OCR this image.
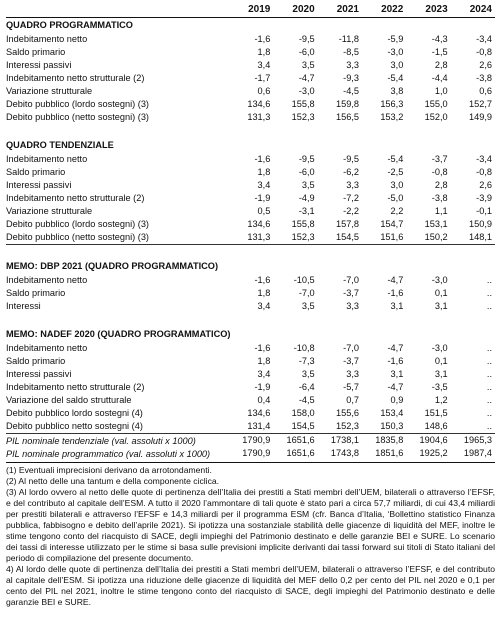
	2019	2020	2021	2022	2023	2024
QUADRO PROGRAMMATICO						
Indebitamento netto	-1,6	-9,5	-11,8	-5,9	-4,3	-3,4
Saldo primario	1,8	-6,0	-8,5	-3,0	-1,5	-0,8
Interessi passivi	3,4	3,5	3,3	3,0	2,8	2,6
Indebitamento netto strutturale (2)	-1,7	-4,7	-9,3	-5,4	-4,4	-3,8
Variazione strutturale	0,6	-3,0	-4,5	3,8	1,0	0,6
Debito pubblico (lordo sostegni) (3)	134,6	155,8	159,8	156,3	155,0	152,7
Debito pubblico (netto sostegni) (3)	131,3	152,3	156,5	153,2	152,0	149,9

QUADRO TENDENZIALE						
Indebitamento netto	-1,6	-9,5	-9,5	-5,4	-3,7	-3,4
Saldo primario	1,8	-6,0	-6,2	-2,5	-0,8	-0,8
Interessi passivi	3,4	3,5	3,3	3,0	2,8	2,6
Indebitamento netto strutturale (2)	-1,9	-4,9	-7,2	-5,0	-3,8	-3,9
Variazione strutturale	0,5	-3,1	-2,2	2,2	1,1	-0,1
Debito pubblico (lordo sostegni) (3)	134,6	155,8	157,8	154,7	153,1	150,9
Debito pubblico (netto sostegni) (3)	131,3	152,3	154,5	151,6	150,2	148,1

MEMO: DBP 2021 (QUADRO PROGRAMMATICO)						
Indebitamento netto	-1,6	-10,5	-7,0	-4,7	-3,0	..
Saldo primario	1,8	-7,0	-3,7	-1,6	0,1	..
Interessi	3,4	3,5	3,3	3,1	3,1	..

MEMO: NADEF 2020 (QUADRO PROGRAMMATICO)						
Indebitamento netto	-1,6	-10,8	-7,0	-4,7	-3,0	..
Saldo primario	1,8	-7,3	-3,7	-1,6	0,1	..
Interessi passivi	3,4	3,5	3,3	3,1	3,1	..
Indebitamento netto strutturale (2)	-1,9	-6,4	-5,7	-4,7	-3,5	..
Variazione del saldo strutturale	0,4	-4,5	0,7	0,9	1,2	..
Debito pubblico lordo sostegni (4)	134,6	158,0	155,6	153,4	151,5	..
Debito pubblico netto sostegni (4)	131,4	154,5	152,3	150,3	148,6	..
PIL nominale tendenziale (val. assoluti x 1000)	1790,9	1651,6	1738,1	1835,8	1904,6	1965,3
PIL nominale programmatico (val. assoluti x 1000)	1790,9	1651,6	1743,8	1851,6	1925,2	1987,4

(1) Eventuali imprecisioni derivano da arrotondamenti.

(2) Al netto delle una tantum e della componente ciclica.

(3) Al lordo ovvero al netto delle quote di pertinenza dell’Italia dei prestiti a Stati membri dell’UEM, bilaterali o attraverso l’EFSF, e del contributo al capitale dell’ESM. A tutto il 2020 l’ammontare di tali quote è stato pari a circa 57,7 miliardi, di cui 43,4 miliardi per prestiti bilaterali e attraverso l’EFSF e 14,3 miliardi per il programma ESM (cfr. Banca d’Italia, ‘Bollettino statistico Finanza pubblica, fabbisogno e debito dell’aprile 2021). Si ipotizza una sostanziale stabilità delle giacenze di liquidità del MEF, inoltre le stime tengono conto del riacquisto di SACE, degli impieghi del Patrimonio destinato e delle garanzie BEI e SURE. Lo scenario dei tassi di interesse utilizzato per le stime si basa sulle previsioni implicite derivanti dai tassi forward sui titoli di Stato italiani del periodo di compilazione del presente documento.

4) Al lordo delle quote di pertinenza dell’Italia dei prestiti a Stati membri dell’UEM, bilaterali o attraverso l’EFSF, e del contributo al capitale dell’ESM. Si ipotizza una riduzione delle giacenze di liquidità del MEF dello 0,2 per cento del PIL nel 2020 e 0,1 per cento del PIL nel 2021, inoltre le stime tengono conto del riacquisto di SACE, degli impieghi del Patrimonio destinato e delle garanzie BEI e SURE.
